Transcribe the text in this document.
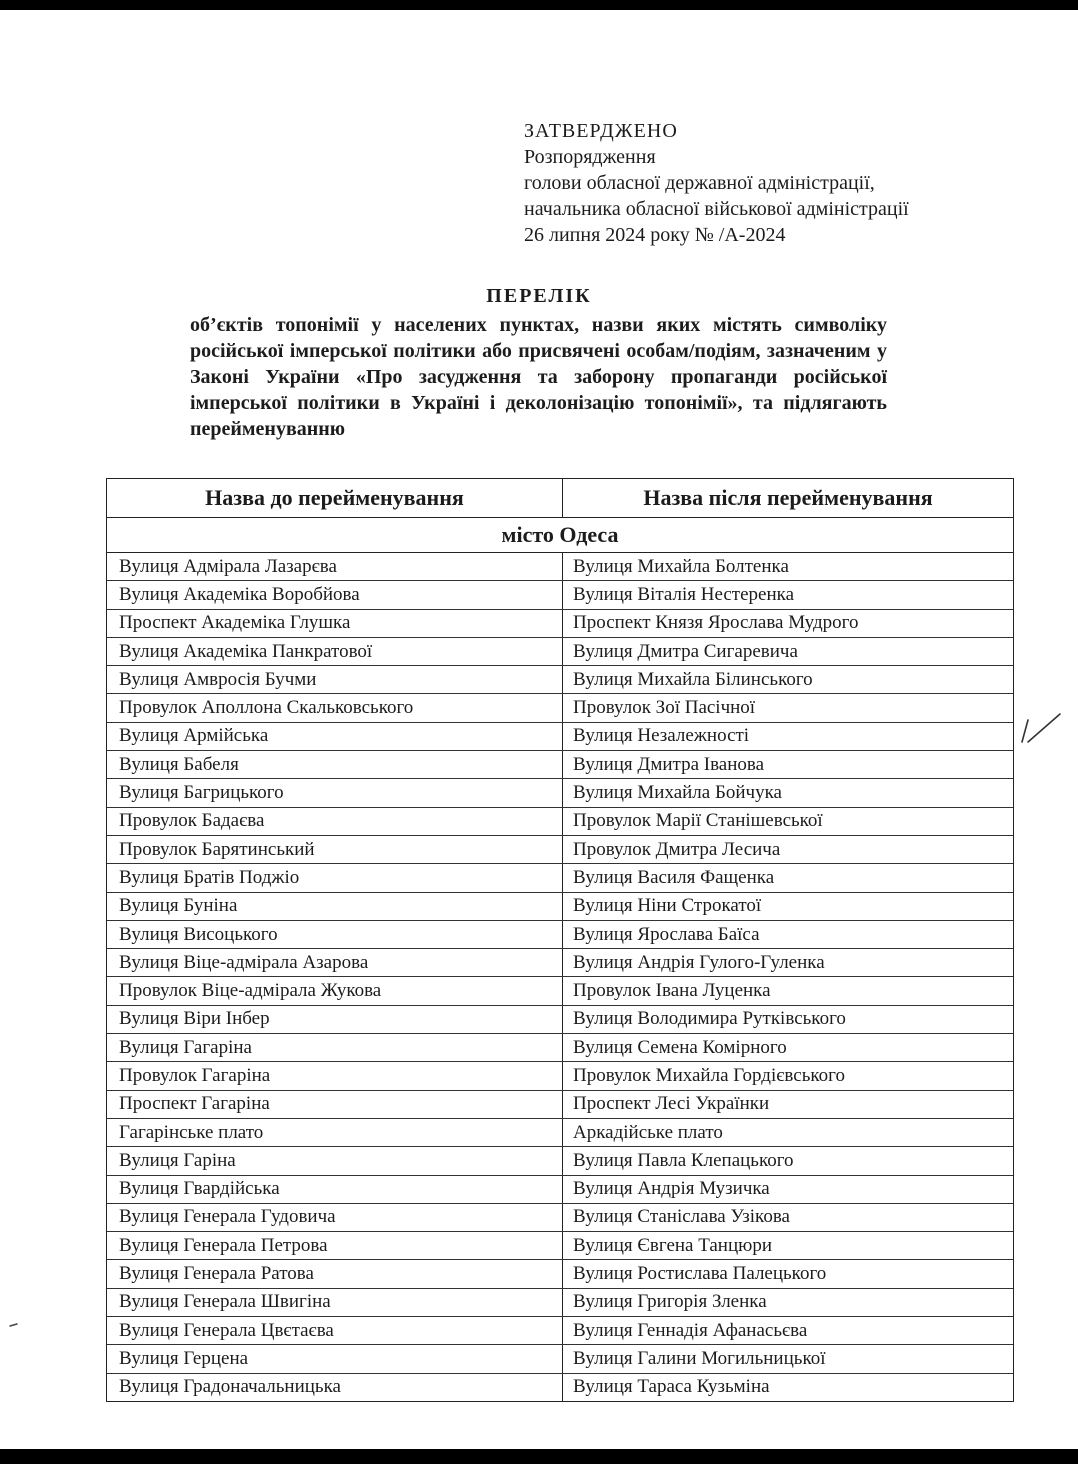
ЗАТВЕРДЖЕНО
Розпорядження
голови обласної державної адміністрації,
начальника обласної військової адміністрації
26 липня 2024 року № /А-2024
ПЕРЕЛІК
об’єктів топонімії у населених пунктах, назви яких містять символіку російської імперської політики або присвячені особам/подіям, зазначеним у Законі України «Про засудження та заборону пропаганди російської імперської політики в Україні і деколонізацію топонімії», та підлягають перейменуванню
Назва до перейменування	Назва після перейменування
місто Одеса
Вулиця Адмірала Лазарєва	Вулиця Михайла Болтенка
Вулиця Академіка Воробйова	Вулиця Віталія Нестеренка
Проспект Академіка Глушка	Проспект Князя Ярослава Мудрого
Вулиця Академіка Панкратової	Вулиця Дмитра Сигаревича
Вулиця Амвросія Бучми	Вулиця Михайла Білинського
Провулок Аполлона Скальковського	Провулок Зої Пасічної
Вулиця Армійська	Вулиця Незалежності
Вулиця Бабеля	Вулиця Дмитра Іванова
Вулиця Багрицького	Вулиця Михайла Бойчука
Провулок Бадаєва	Провулок Марії Станішевської
Провулок Барятинський	Провулок Дмитра Лесича
Вулиця Братів Поджіо	Вулиця Василя Фащенка
Вулиця Буніна	Вулиця Ніни Строкатої
Вулиця Висоцького	Вулиця Ярослава Баїса
Вулиця Віце-адмірала Азарова	Вулиця Андрія Гулого-Гуленка
Провулок Віце-адмірала Жукова	Провулок Івана Луценка
Вулиця Віри Інбер	Вулиця Володимира Рутківського
Вулиця Гагаріна	Вулиця Семена Комірного
Провулок Гагаріна	Провулок Михайла Гордієвського
Проспект Гагаріна	Проспект Лесі Українки
Гагарінське плато	Аркадійське плато
Вулиця Гаріна	Вулиця Павла Клепацького
Вулиця Гвардійська	Вулиця Андрія Музичка
Вулиця Генерала Гудовича	Вулиця Станіслава Узікова
Вулиця Генерала Петрова	Вулиця Євгена Танцюри
Вулиця Генерала Ратова	Вулиця Ростислава Палецького
Вулиця Генерала Швигіна	Вулиця Григорія Зленка
Вулиця Генерала Цвєтаєва	Вулиця Геннадія Афанасьєва
Вулиця Герцена	Вулиця Галини Могильницької
Вулиця Градоначальницька	Вулиця Тараса Кузьміна
